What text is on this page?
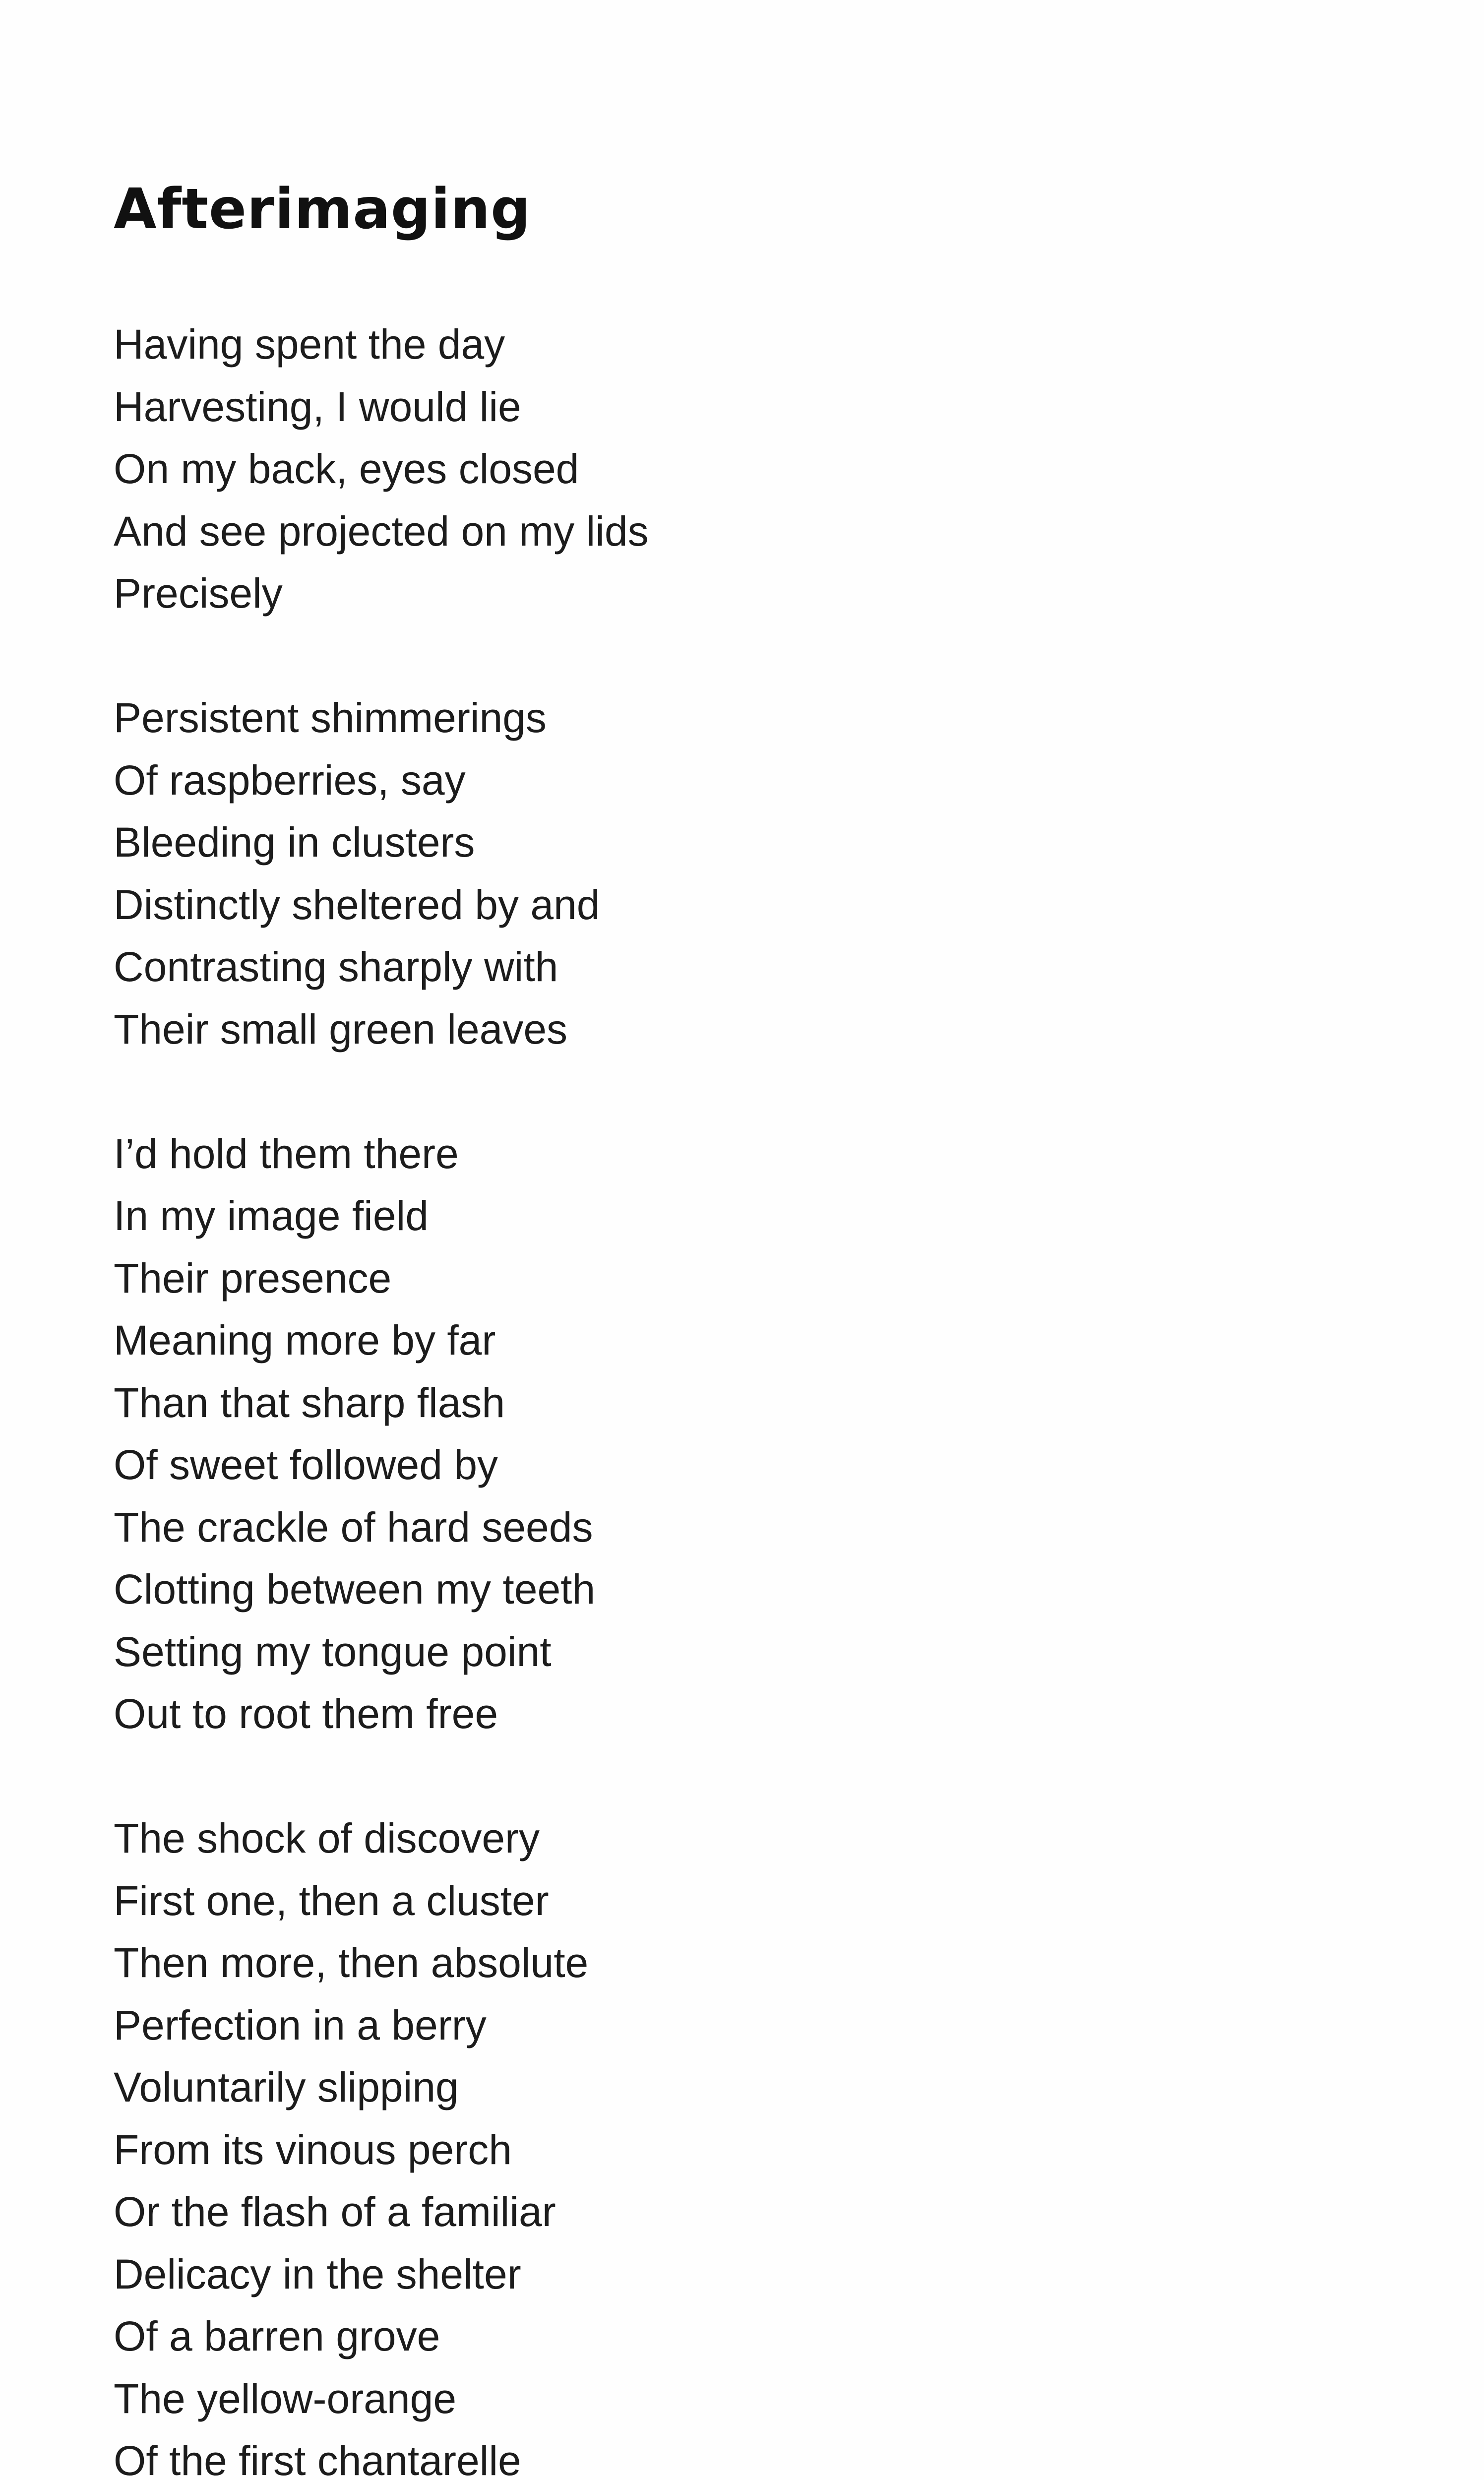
Afterimaging
Having spent the day
Harvesting, I would lie
On my back, eyes closed
And see projected on my lids
Precisely
Persistent shimmerings
Of raspberries, say
Bleeding in clusters
Distinctly sheltered by and
Contrasting sharply with
Their small green leaves
I’d hold them there
In my image field
Their presence
Meaning more by far
Than that sharp flash
Of sweet followed by
The crackle of hard seeds
Clotting between my teeth
Setting my tongue point
Out to root them free
The shock of discovery
First one, then a cluster
Then more, then absolute
Perfection in a berry
Voluntarily slipping
From its vinous perch
Or the flash of a familiar
Delicacy in the shelter
Of a barren grove
The yellow-orange
Of the first chantarelle
